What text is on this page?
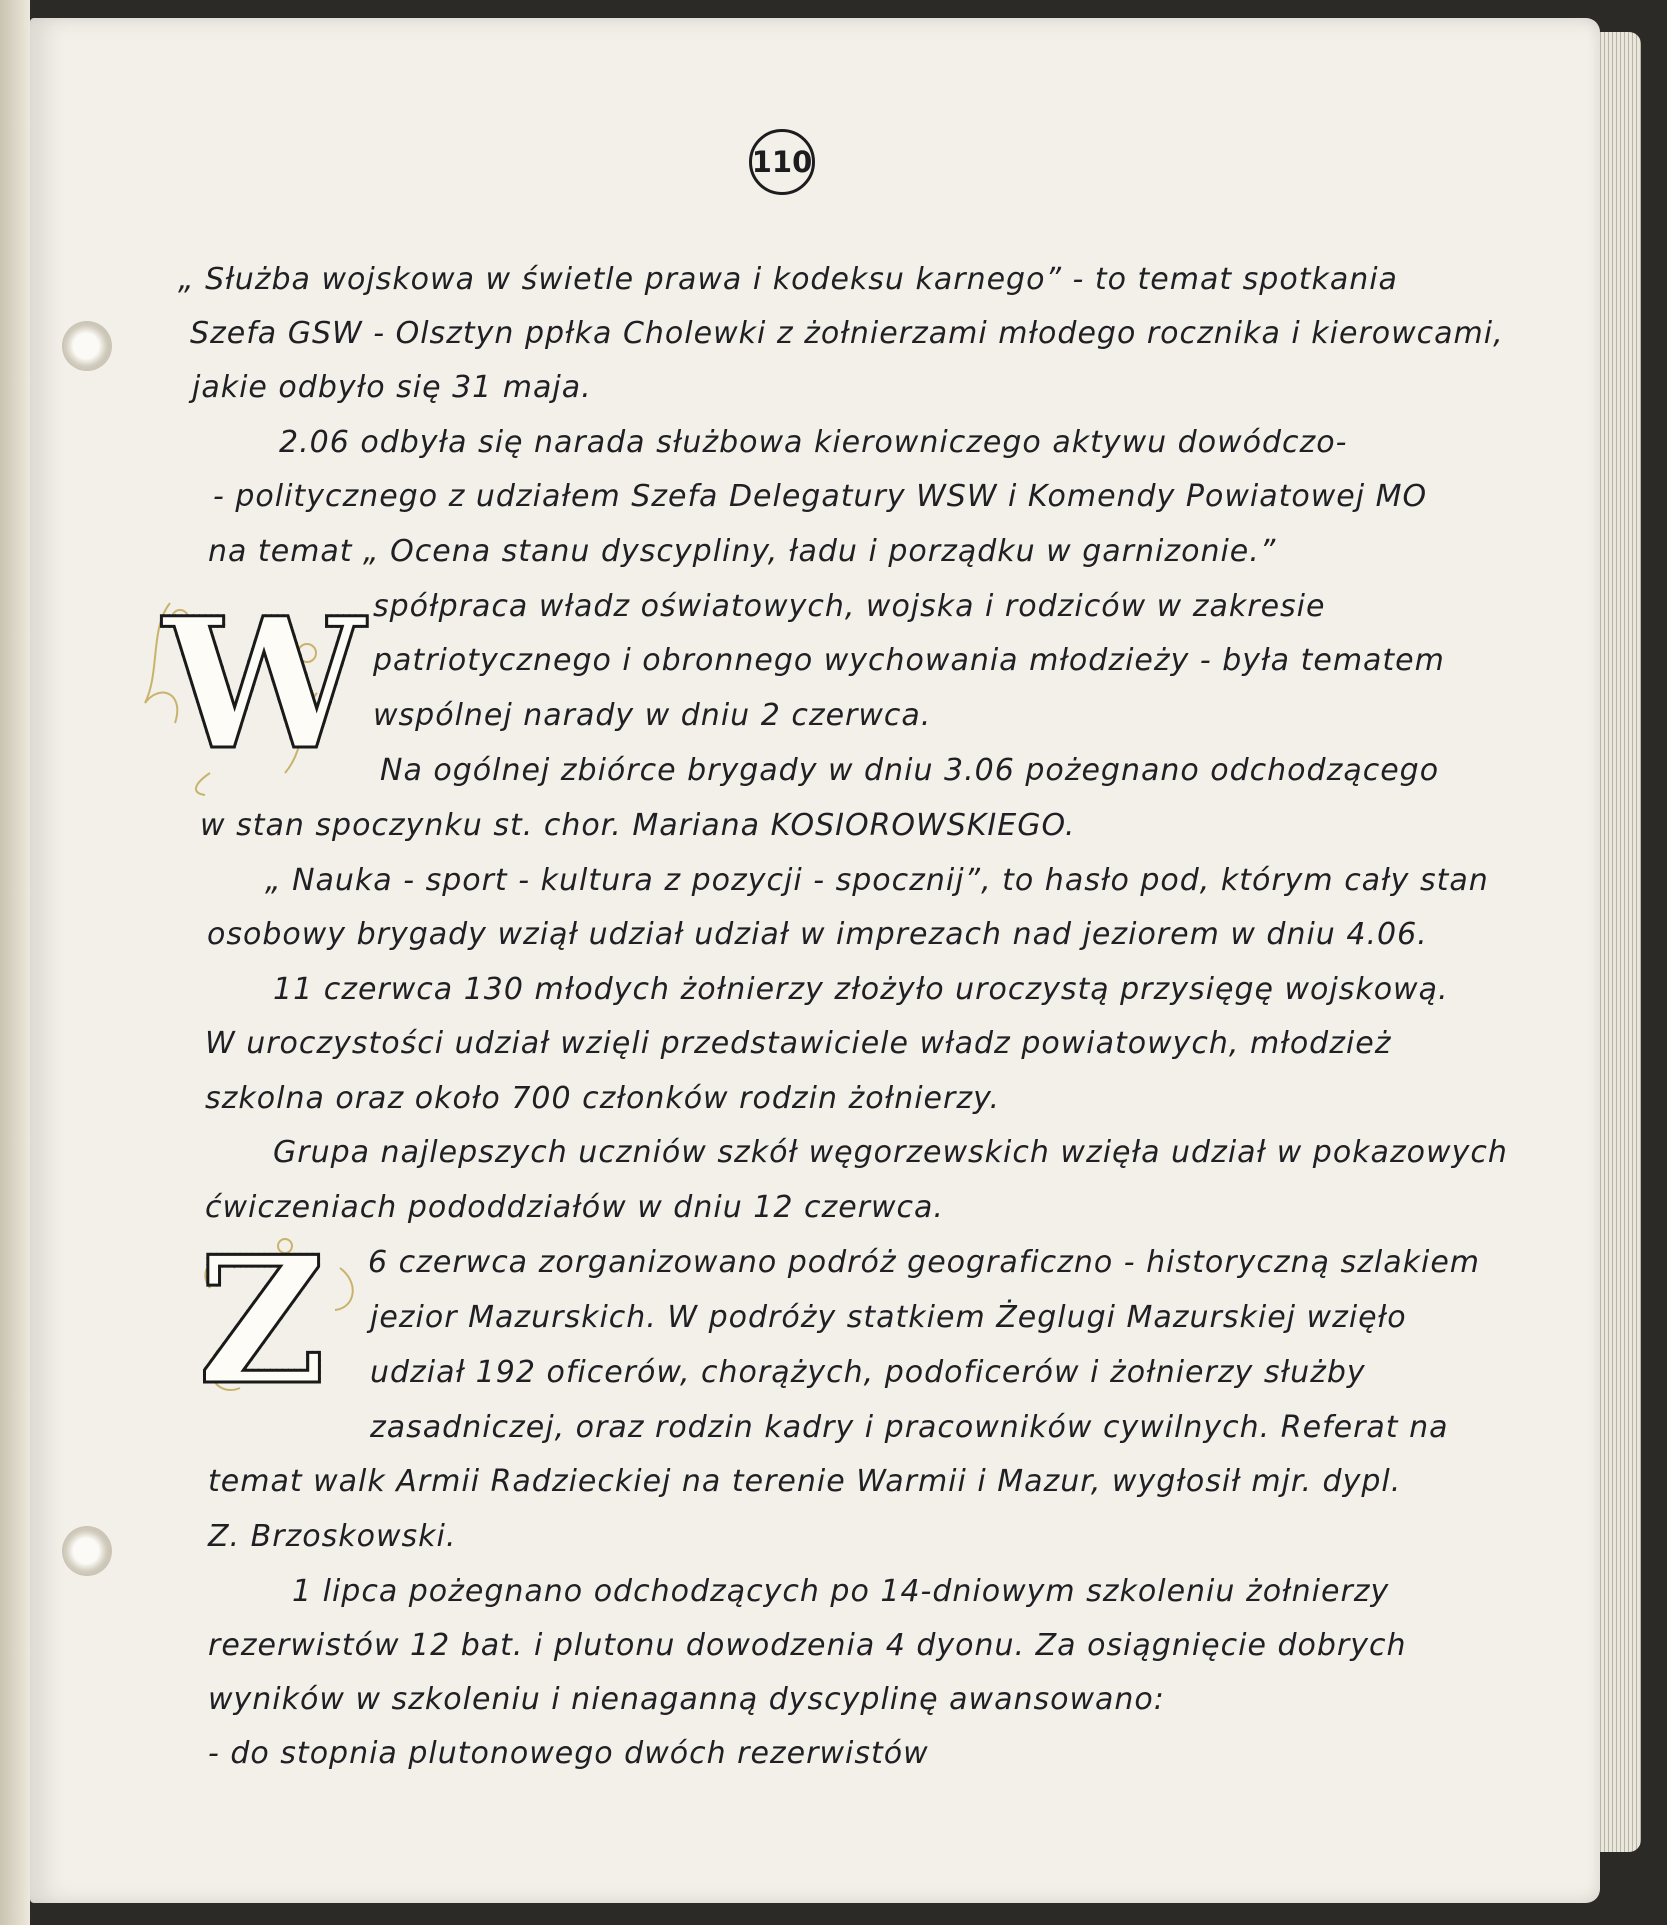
110
W
Z
„ Służba wojskowa w świetle prawa i kodeksu karnego” - to temat spotkania
Szefa GSW - Olsztyn ppłka Cholewki z żołnierzami młodego rocznika i kierowcami,
jakie odbyło się 31 maja.
2.06 odbyła się narada służbowa kierowniczego aktywu dowódczo-
- politycznego z udziałem Szefa Delegatury WSW i Komendy Powiatowej MO
na temat „ Ocena stanu dyscypliny, ładu i porządku w garnizonie.”
spółpraca władz oświatowych, wojska i rodziców w zakresie
patriotycznego i obronnego wychowania młodzieży - była tematem
wspólnej narady w dniu 2 czerwca.
Na ogólnej zbiórce brygady w dniu 3.06 pożegnano odchodzącego
w stan spoczynku st. chor. Mariana KOSIOROWSKIEGO.
„ Nauka - sport - kultura z pozycji - spocznij”, to hasło pod, którym cały stan
osobowy brygady wziął udział udział w imprezach nad jeziorem w dniu 4.06.
11 czerwca 130 młodych żołnierzy złożyło uroczystą przysięgę wojskową.
W uroczystości udział wzięli przedstawiciele władz powiatowych, młodzież
szkolna oraz około 700 członków rodzin żołnierzy.
Grupa najlepszych uczniów szkół węgorzewskich wzięła udział w pokazowych
ćwiczeniach pododdziałów w dniu 12 czerwca.
6 czerwca zorganizowano podróż geograficzno - historyczną szlakiem
jezior Mazurskich. W podróży statkiem Żeglugi Mazurskiej wzięło
udział 192 oficerów, chorążych, podoficerów i żołnierzy służby
zasadniczej, oraz rodzin kadry i pracowników cywilnych. Referat na
temat walk Armii Radzieckiej na terenie Warmii i Mazur, wygłosił mjr. dypl.
Z. Brzoskowski.
1 lipca pożegnano odchodzących po 14-dniowym szkoleniu żołnierzy
rezerwistów 12 bat. i plutonu dowodzenia 4 dyonu. Za osiągnięcie dobrych
wyników w szkoleniu i nienaganną dyscyplinę awansowano:
- do stopnia plutonowego dwóch rezerwistów
